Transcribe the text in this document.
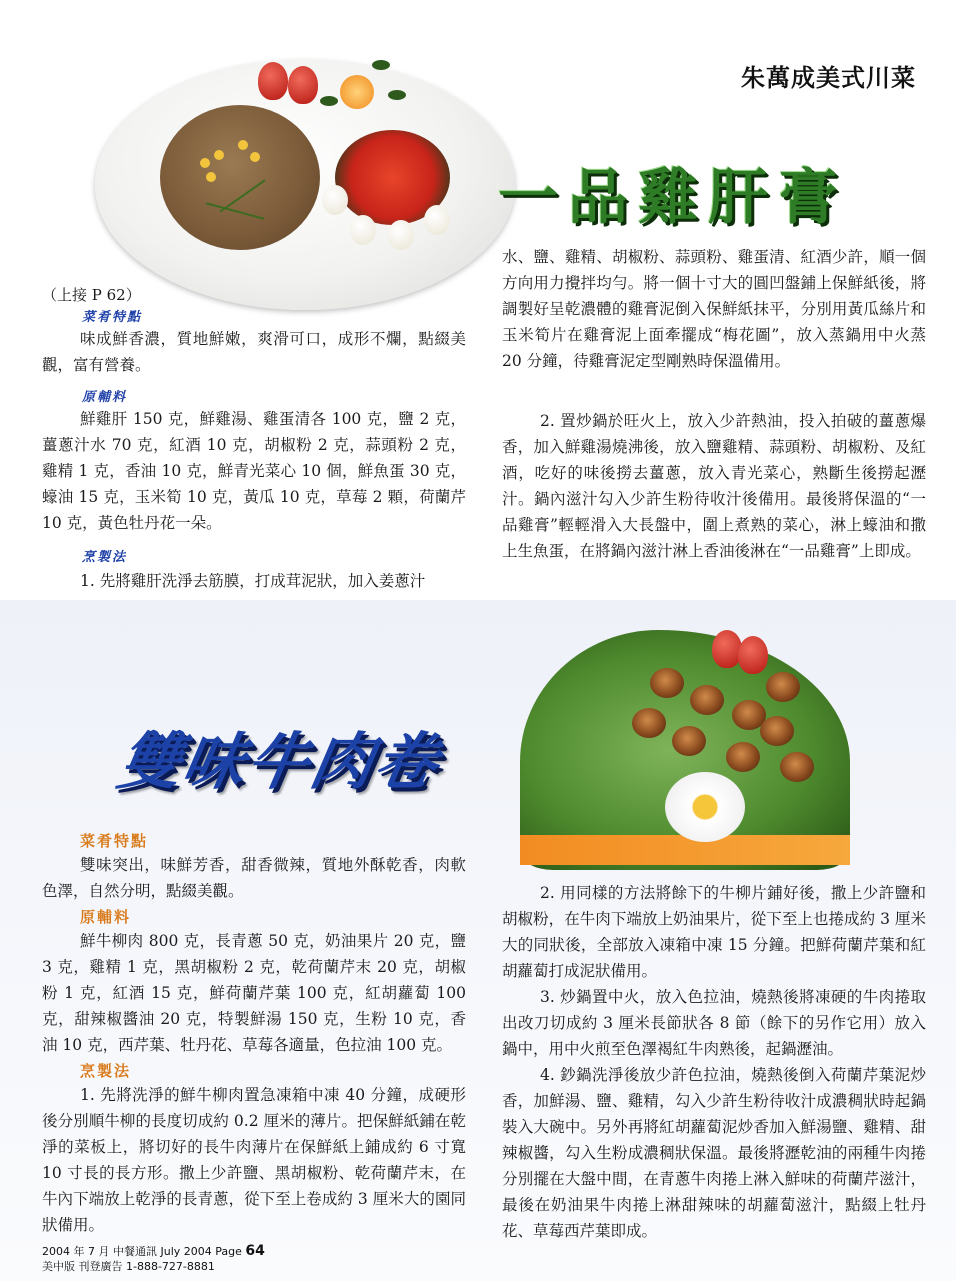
朱萬成美式川菜
一品雞肝膏
（上接 P 62）
菜肴特點
味成鮮香濃，質地鮮嫩，爽滑可口，成形不爛，點綴美觀，富有營養。
原輔料
鮮雞肝 150 克，鮮雞湯、雞蛋清各 100 克，鹽 2 克，薑蔥汁水 70 克，紅酒 10 克，胡椒粉 2 克，蒜頭粉 2 克，雞精 1 克，香油 10 克，鮮青光菜心 10 個，鮮魚蛋 30 克，蠔油 15 克，玉米筍 10 克，黃瓜 10 克，草莓 2 顆，荷蘭芹 10 克，黃色牡丹花一朵。
烹製法
1. 先將雞肝洗淨去筋膜，打成茸泥狀，加入姜蔥汁
水、鹽、雞精、胡椒粉、蒜頭粉、雞蛋清、紅酒少許，順一個方向用力攪拌均勻。將一個十寸大的圓凹盤鋪上保鮮紙後，將調製好呈乾濃體的雞膏泥倒入保鮮紙抹平，分別用黃瓜絲片和玉米筍片在雞膏泥上面牽擺成“梅花圖”，放入蒸鍋用中火蒸 20 分鐘，待雞膏泥定型剛熟時保溫備用。
2. 置炒鍋於旺火上，放入少許熱油，投入拍破的薑蔥爆香，加入鮮雞湯燒沸後，放入鹽雞精、蒜頭粉、胡椒粉、及紅酒，吃好的味後撈去薑蔥，放入青光菜心，熟斷生後撈起瀝汁。鍋內滋汁勾入少許生粉待收汁後備用。最後將保溫的“一品雞膏”輕輕滑入大長盤中，圍上煮熟的菜心，淋上蠔油和撒上生魚蛋，在將鍋內滋汁淋上香油後淋在“一品雞膏”上即成。
雙味牛肉卷
菜肴特點
雙味突出，味鮮芳香，甜香微辣，質地外酥乾香，肉軟色澤，自然分明，點綴美觀。
原輔料
鮮牛柳肉 800 克，長青蔥 50 克，奶油果片 20 克，鹽 3 克，雞精 1 克，黑胡椒粉 2 克，乾荷蘭芹末 20 克，胡椒粉 1 克，紅酒 15 克，鮮荷蘭芹葉 100 克，紅胡蘿蔔 100 克，甜辣椒醬油 20 克，特製鮮湯 150 克，生粉 10 克，香油 10 克，西芹葉、牡丹花、草莓各適量，色拉油 100 克。
烹製法
1. 先將洗淨的鮮牛柳肉置急凍箱中凍 40 分鐘，成硬形後分別順牛柳的長度切成約 0.2 厘米的薄片。把保鮮紙鋪在乾淨的菜板上，將切好的長牛肉薄片在保鮮紙上鋪成約 6 寸寬 10 寸長的長方形。撒上少許鹽、黑胡椒粉、乾荷蘭芹末，在牛內下端放上乾淨的長青蔥，從下至上卷成約 3 厘米大的園同狀備用。
2. 用同樣的方法將餘下的牛柳片鋪好後，撒上少許鹽和胡椒粉，在牛肉下端放上奶油果片，從下至上也捲成約 3 厘米大的同狀後，全部放入凍箱中凍 15 分鐘。把鮮荷蘭芹葉和紅胡蘿蔔打成泥狀備用。
3. 炒鍋置中火，放入色拉油，燒熱後將凍硬的牛肉捲取出改刀切成約 3 厘米長節狀各 8 節（餘下的另作它用）放入鍋中，用中火煎至色澤褐紅牛肉熟後，起鍋瀝油。
4. 鈔鍋洗淨後放少許色拉油，燒熱後倒入荷蘭芹葉泥炒香，加鮮湯、鹽、雞精，勾入少許生粉待收汁成濃稠狀時起鍋裝入大碗中。另外再將紅胡蘿蔔泥炒香加入鮮湯鹽、雞精、甜辣椒醬，勾入生粉成濃稠狀保溫。最後將瀝乾油的兩種牛肉捲分別擺在大盤中間，在青蔥牛肉捲上淋入鮮味的荷蘭芹滋汁，最後在奶油果牛肉捲上淋甜辣味的胡蘿蔔滋汁，點綴上牡丹花、草莓西芹葉即成。
2004 年 7 月 中餐通訊 July 2004 Page 64
美中版 刊登廣告 1-888-727-8881
